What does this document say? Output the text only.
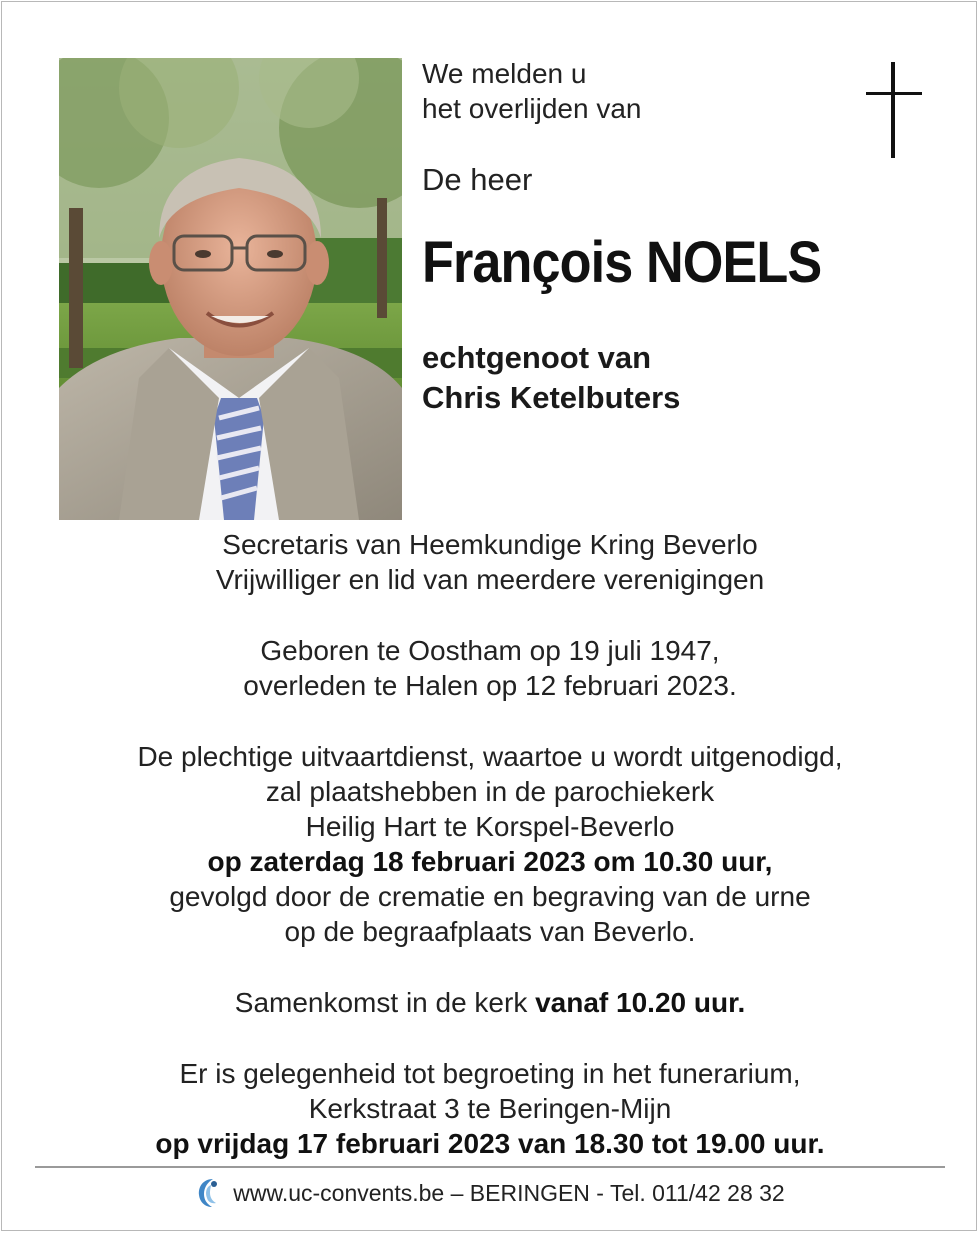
We melden u
het overlijden van
De heer
François NOELS
echtgenoot van
Chris Ketelbuters

Secretaris van Heemkundige Kring Beverlo

Vrijwilliger en lid van meerdere verenigingen

Geboren te Oostham op 19 juli 1947,

overleden te Halen op 12 februari 2023.

De plechtige uitvaartdienst, waartoe u wordt uitgenodigd,

zal plaatshebben in de parochiekerk

Heilig Hart te Korspel-Beverlo

op zaterdag 18 februari 2023 om 10.30 uur,

gevolgd door de crematie en begraving van de urne

op de begraafplaats van Beverlo.

Samenkomst in de kerk vanaf 10.20 uur.

Er is gelegenheid tot begroeting in het funerarium,

Kerkstraat 3 te Beringen-Mijn

op vrijdag 17 februari 2023 van 18.30 tot 19.00 uur.

www.uc-convents.be – BERINGEN - Tel. 011/42 28 32
